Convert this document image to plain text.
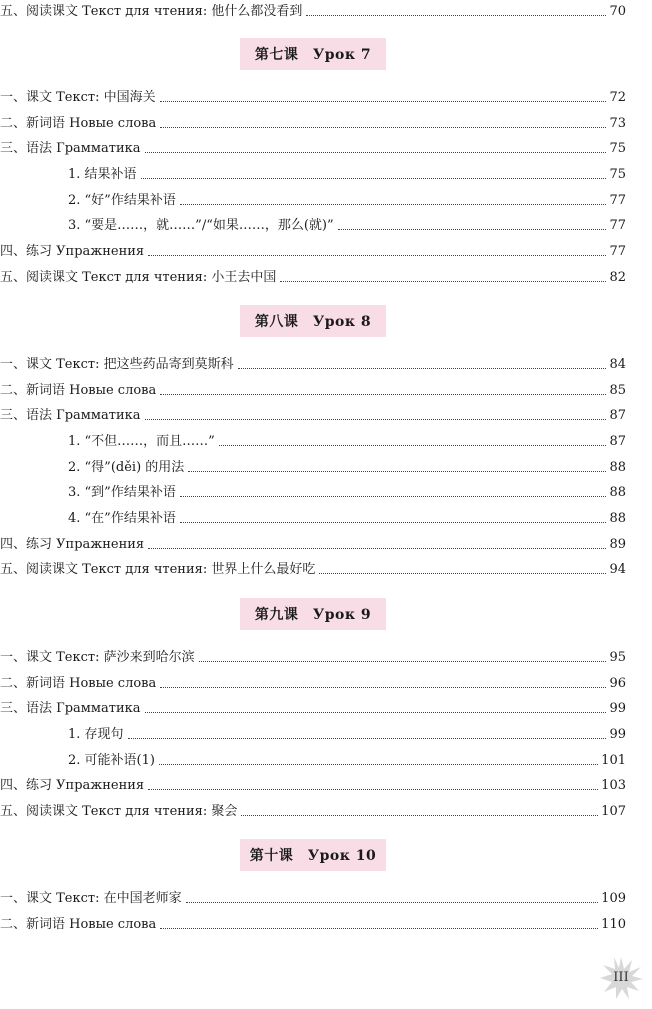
五、阅读课文 Текст для чтения: 他什么都没看到	70
第七课　Урок 7
一、课文 Текст: 中国海关	72
二、新词语 Новые слова	73
三、语法 Грамматика	75
1. 结果补语	75
2. “好”作结果补语	77
3. “要是……，就……”/“如果……，那么(就)”	77
四、练习 Упражнения	77
五、阅读课文 Текст для чтения: 小王去中国	82
第八课　Урок 8
一、课文 Текст: 把这些药品寄到莫斯科	84
二、新词语 Новые слова	85
三、语法 Грамматика	87
1. “不但……，而且……”	87
2. “得”(děi) 的用法	88
3. “到”作结果补语	88
4. “在”作结果补语	88
四、练习 Упражнения	89
五、阅读课文 Текст для чтения: 世界上什么最好吃	94
第九课　Урок 9
一、课文 Текст: 萨沙来到哈尔滨	95
二、新词语 Новые слова	96
三、语法 Грамматика	99
1. 存现句	99
2. 可能补语(1)	101
四、练习 Упражнения	103
五、阅读课文 Текст для чтения: 聚会	107
第十课　Урок 10
一、课文 Текст: 在中国老师家	109
二、新词语 Новые слова	110
III
